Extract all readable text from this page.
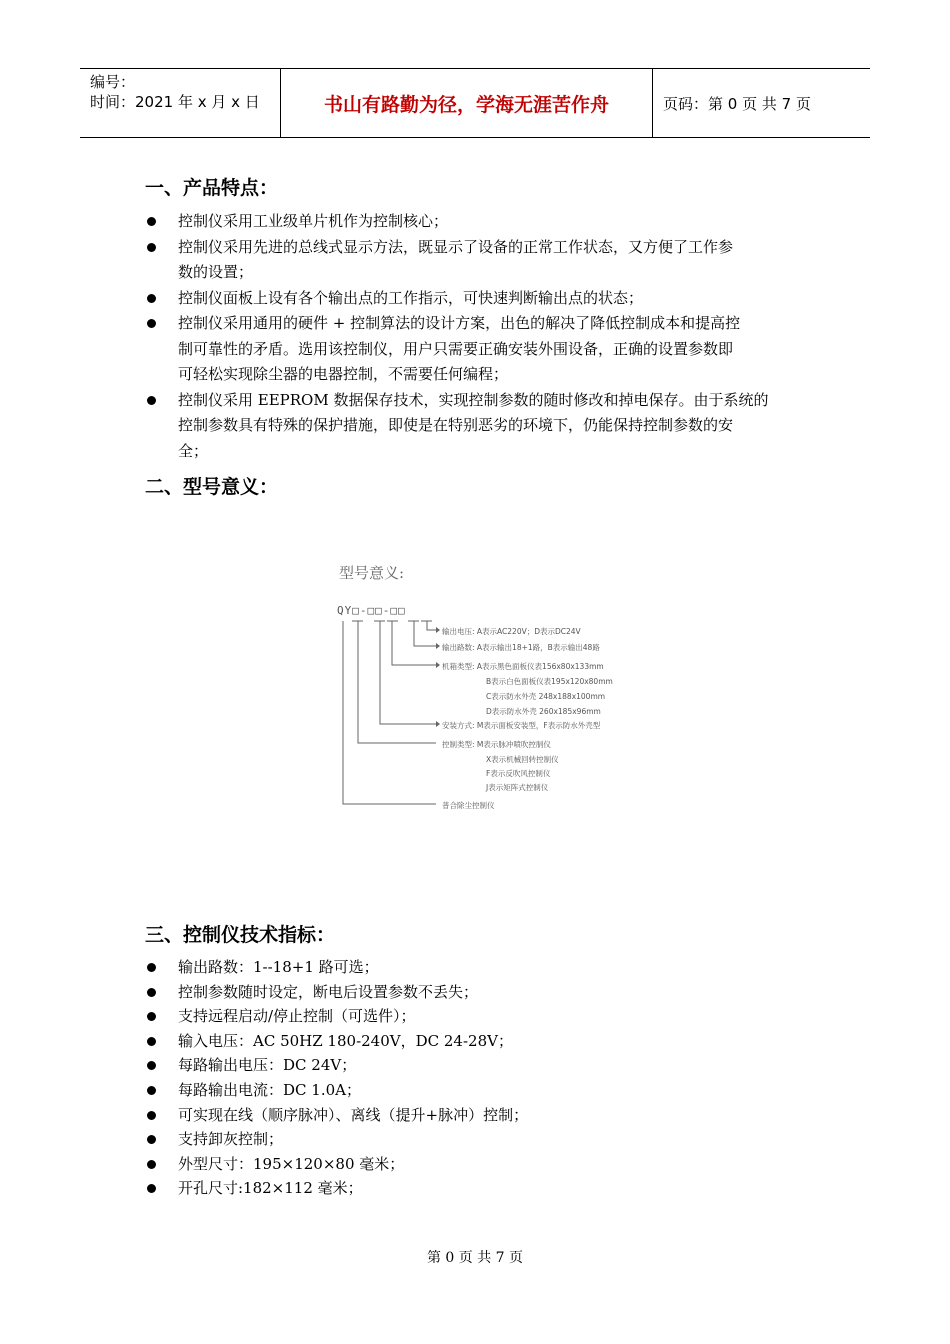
编号：
时间：2021 年 x 月 x 日	书山有路勤为径，学海无涯苦作舟	页码：第 0 页 共 7 页
一、产品特点：
控制仪采用工业级单片机作为控制核心；
控制仪采用先进的总线式显示方法，既显示了设备的正常工作状态，又方便了工作参
数的设置；
控制仪面板上设有各个输出点的工作指示，可快速判断输出点的状态；
控制仪采用通用的硬件 + 控制算法的设计方案，出色的解决了降低控制成本和提高控
制可靠性的矛盾。选用该控制仪，用户只需要正确安装外围设备，正确的设置参数即
可轻松实现除尘器的电器控制，不需要任何编程；
控制仪采用 EEPROM 数据保存技术，实现控制参数的随时修改和掉电保存。由于系统的
控制参数具有特殊的保护措施，即使是在特别恶劣的环境下，仍能保持控制参数的安
全；
二、型号意义：
型号意义:
QY□-□□-□□
输出电压: A表示AC220V；D表示DC24V
输出路数: A表示输出18+1路，B表示输出48路
机箱类型: A表示黑色面板仪表156x80x133mm
B表示白色面板仪表195x120x80mm
C表示防水外壳 248x188x100mm
D表示防水外壳 260x185x96mm
安装方式: M表示面板安装型，F表示防水外壳型
控制类型: M表示脉冲喷吹控制仪
X表示机械回转控制仪
F表示反吹风控制仪
J表示矩阵式控制仪
普合除尘控制仪
三、控制仪技术指标：
输出路数：1--18+1 路可选；
控制参数随时设定，断电后设置参数不丢失；
支持远程启动/停止控制（可选件）；
输入电压：AC 50HZ 180-240V，DC 24-28V；
每路输出电压：DC 24V；
每路输出电流：DC 1.0A；
可实现在线（顺序脉冲）、离线（提升+脉冲）控制；
支持卸灰控制；
外型尺寸：195×120×80 毫米；
开孔尺寸:182×112 毫米；
第 0 页 共 7 页
